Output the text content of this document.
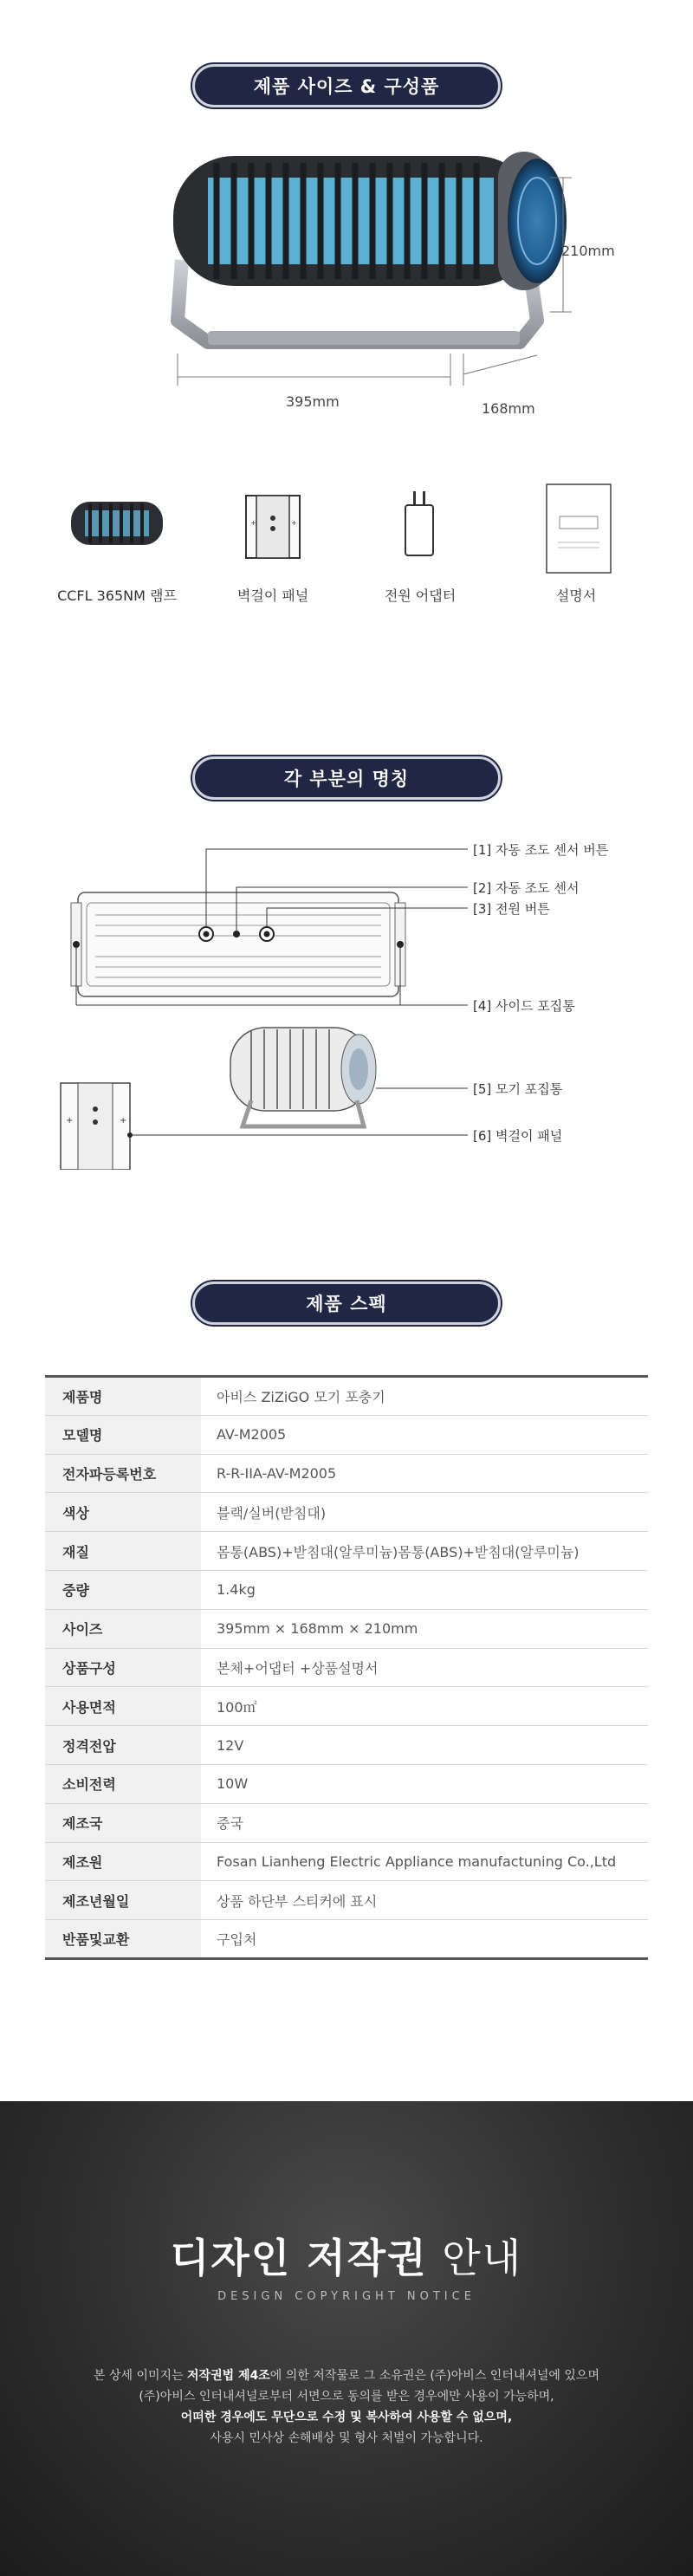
제품 사이즈 & 구성품
210mm
395mm	168mm
+	+
CCFL 365NM 램프	벽걸이 패널	전원 어댑터	설명서
각 부분의 명칭
+	+
[1] 자동 조도 센서 버튼
[2] 자동 조도 센서
[3] 전원 버튼
[4] 사이드 포집통
[5] 모기 포집통
[6] 벽걸이 패널
제품 스펙
제품명	아비스 ZiZiGO 모기 포충기
모델명	AV-M2005
전자파등록번호	R-R-IIA-AV-M2005
색상	블랙/실버(받침대)
재질	몸통(ABS)+받침대(알루미늄)몸통(ABS)+받침대(알루미늄)
중량	1.4kg
사이즈	395mm × 168mm × 210mm
상품구성	본체+어댑터 +상품설명서
사용면적	100㎡
정격전압	12V
소비전력	10W
제조국	중국
제조원	Fosan Lianheng Electric Appliance manufactuning Co.,Ltd
제조년월일	상품 하단부 스티커에 표시
반품및교환	구입처
디자인 저작권 안내
DESIGN COPYRIGHT NOTICE
본 상세 이미지는 저작권법 제4조에 의한 저작물로 그 소유권은 (주)아비스 인터내셔널에 있으며
(주)아비스 인터내셔널로부터 서면으로 동의를 받은 경우에만 사용이 가능하며,
어떠한 경우에도 무단으로 수정 및 복사하여 사용할 수 없으며,
사용시 민사상 손해배상 및 형사 처벌이 가능합니다.
